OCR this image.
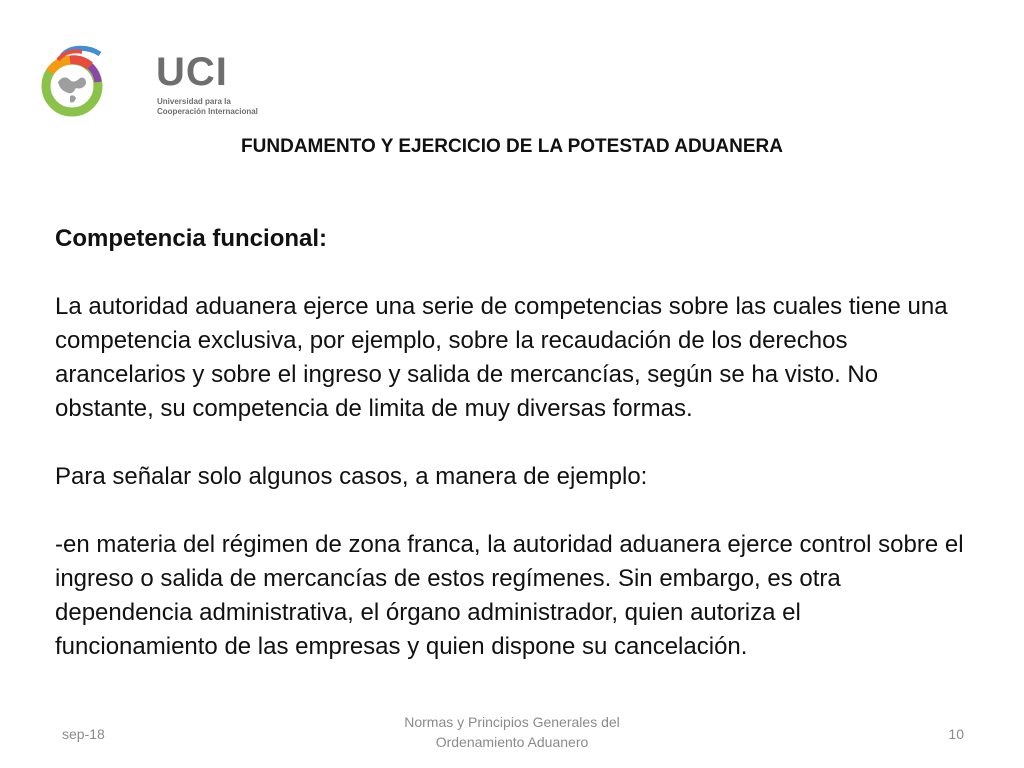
UCI
Universidad para la Cooperación Internacional
FUNDAMENTO Y EJERCICIO DE LA POTESTAD ADUANERA

Competencia funcional:

La autoridad aduanera ejerce una serie de competencias sobre las cuales tiene una competencia exclusiva, por ejemplo, sobre la recaudación de los derechos arancelarios y sobre el ingreso y salida de mercancías, según se ha visto. No obstante, su competencia de limita de muy diversas formas.

Para señalar solo algunos casos, a manera de ejemplo:

-en materia del régimen de zona franca, la autoridad aduanera ejerce control sobre el ingreso o salida de mercancías de estos regímenes. Sin embargo, es otra dependencia administrativa, el órgano administrador, quien autoriza el funcionamiento de las empresas y quien dispone su cancelación.

sep-18
Normas y Principios Generales del
Ordenamiento Aduanero	10
